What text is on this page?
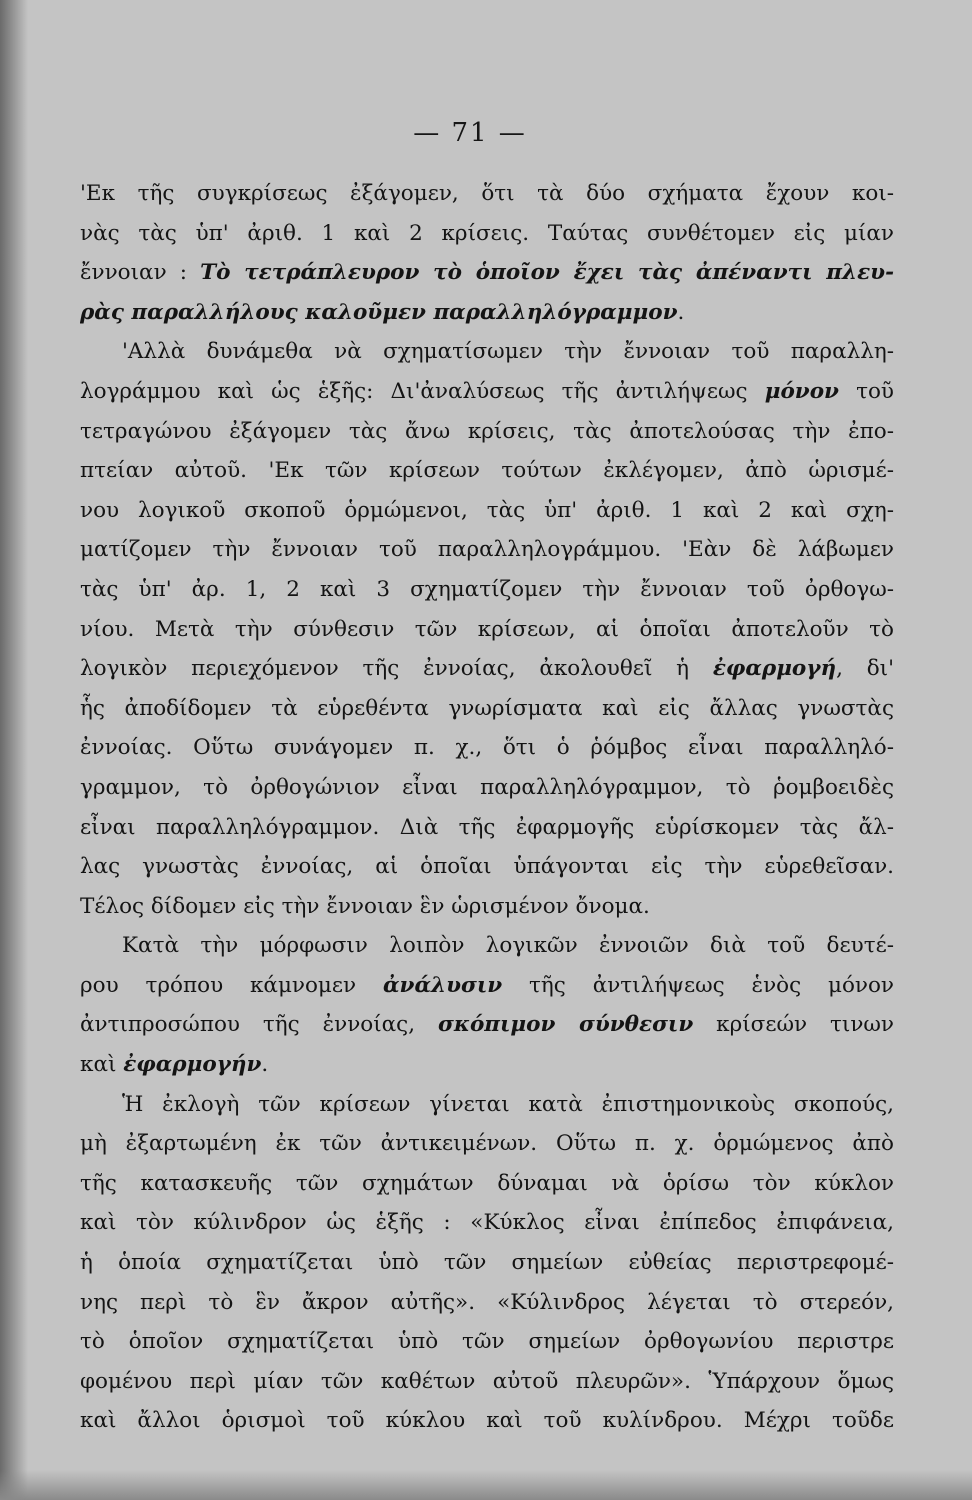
— 71 —
'Εκ τῆς συγκρίσεως ἐξάγομεν, ὅτι τὰ δύο σχήματα ἔχουν κοι-
νὰς τὰς ὑπ' ἀριθ. 1 καὶ 2 κρίσεις. Ταύτας συνθέτομεν εἰς μίαν
ἔννοιαν : Τὸ τετράπλευρον τὸ ὁποῖον ἔχει τὰς ἀπέναντι πλευ-
ρὰς παραλλήλους καλοῦμεν παραλληλόγραμμον.
'Αλλὰ δυνάμεθα νὰ σχηματίσωμεν τὴν ἔννοιαν τοῦ παραλλη-
λογράμμου καὶ ὡς ἑξῆς: Δι'ἀναλύσεως τῆς ἀντιλήψεως μόνον τοῦ
τετραγώνου ἐξάγομεν τὰς ἄνω κρίσεις, τὰς ἀποτελούσας τὴν ἐπο-
πτείαν αὐτοῦ. 'Εκ τῶν κρίσεων τούτων ἐκλέγομεν, ἀπὸ ὡρισμέ-
νου λογικοῦ σκοποῦ ὁρμώμενοι, τὰς ὑπ' ἀριθ. 1 καὶ 2 καὶ σχη-
ματίζομεν τὴν ἔννοιαν τοῦ παραλληλογράμμου. 'Εὰν δὲ λάβωμεν
τὰς ὑπ' ἀρ. 1, 2 καὶ 3 σχηματίζομεν τὴν ἔννοιαν τοῦ ὀρθογω-
νίου. Μετὰ τὴν σύνθεσιν τῶν κρίσεων, αἱ ὁποῖαι ἀποτελοῦν τὸ
λογικὸν περιεχόμενον τῆς ἐννοίας, ἀκολουθεῖ ἡ ἐφαρμογή, δι'
ἧς ἀποδίδομεν τὰ εὑρεθέντα γνωρίσματα καὶ εἰς ἄλλας γνωστὰς
ἐννοίας. Οὕτω συνάγομεν π. χ., ὅτι ὁ ῥόμβος εἶναι παραλληλό-
γραμμον, τὸ ὀρθογώνιον εἶναι παραλληλόγραμμον, τὸ ῥομβοειδὲς
εἶναι παραλληλόγραμμον. Διὰ τῆς ἐφαρμογῆς εὑρίσκομεν τὰς ἄλ-
λας γνωστὰς ἐννοίας, αἱ ὁποῖαι ὑπάγονται εἰς τὴν εὑρεθεῖσαν.
Τέλος δίδομεν εἰς τὴν ἔννοιαν ἓν ὡρισμένον ὄνομα.
Κατὰ τὴν μόρφωσιν λοιπὸν λογικῶν ἐννοιῶν διὰ τοῦ δευτέ-
ρου τρόπου κάμνομεν ἀνάλυσιν τῆς ἀντιλήψεως ἑνὸς μόνον
ἀντιπροσώπου τῆς ἐννοίας, σκόπιμον σύνθεσιν κρίσεών τινων
καὶ ἐφαρμογήν.
Ἡ ἐκλογὴ τῶν κρίσεων γίνεται κατὰ ἐπιστημονικοὺς σκοπούς,
μὴ ἐξαρτωμένη ἐκ τῶν ἀντικειμένων. Οὕτω π. χ. ὁρμώμενος ἀπὸ
τῆς κατασκευῆς τῶν σχημάτων δύναμαι νὰ ὁρίσω τὸν κύκλον
καὶ τὸν κύλινδρον ὡς ἑξῆς : «Κύκλος εἶναι ἐπίπεδος ἐπιφάνεια,
ἡ ὁποία σχηματίζεται ὑπὸ τῶν σημείων εὐθείας περιστρεφομέ-
νης περὶ τὸ ἓν ἄκρον αὐτῆς». «Κύλινδρος λέγεται τὸ στερεόν,
τὸ ὁποῖον σχηματίζεται ὑπὸ τῶν σημείων ὀρθογωνίου περιστρε
φομένου περὶ μίαν τῶν καθέτων αὐτοῦ πλευρῶν». Ὑπάρχουν ὅμως
καὶ ἄλλοι ὁρισμοὶ τοῦ κύκλου καὶ τοῦ κυλίνδρου. Μέχρι τοῦδε
